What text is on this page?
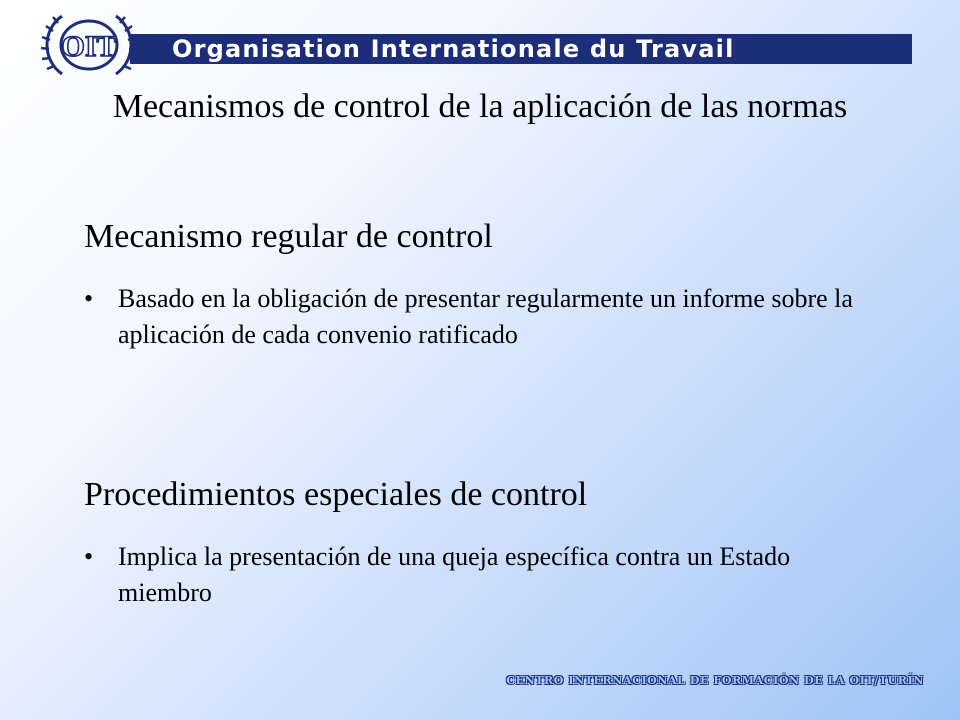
OIT Organisation Internationale du Travail
Mecanismos de control de la aplicación de las normas
Mecanismo regular de control

• Basado en la obligación de presentar regularmente un informe sobre la aplicación de cada convenio ratificado

Procedimientos especiales de control

• Implica la presentación de una queja específica contra un Estado miembro

CENTRO INTERNACIONAL DE FORMACIÓN DE LA OIT/TURÍN
